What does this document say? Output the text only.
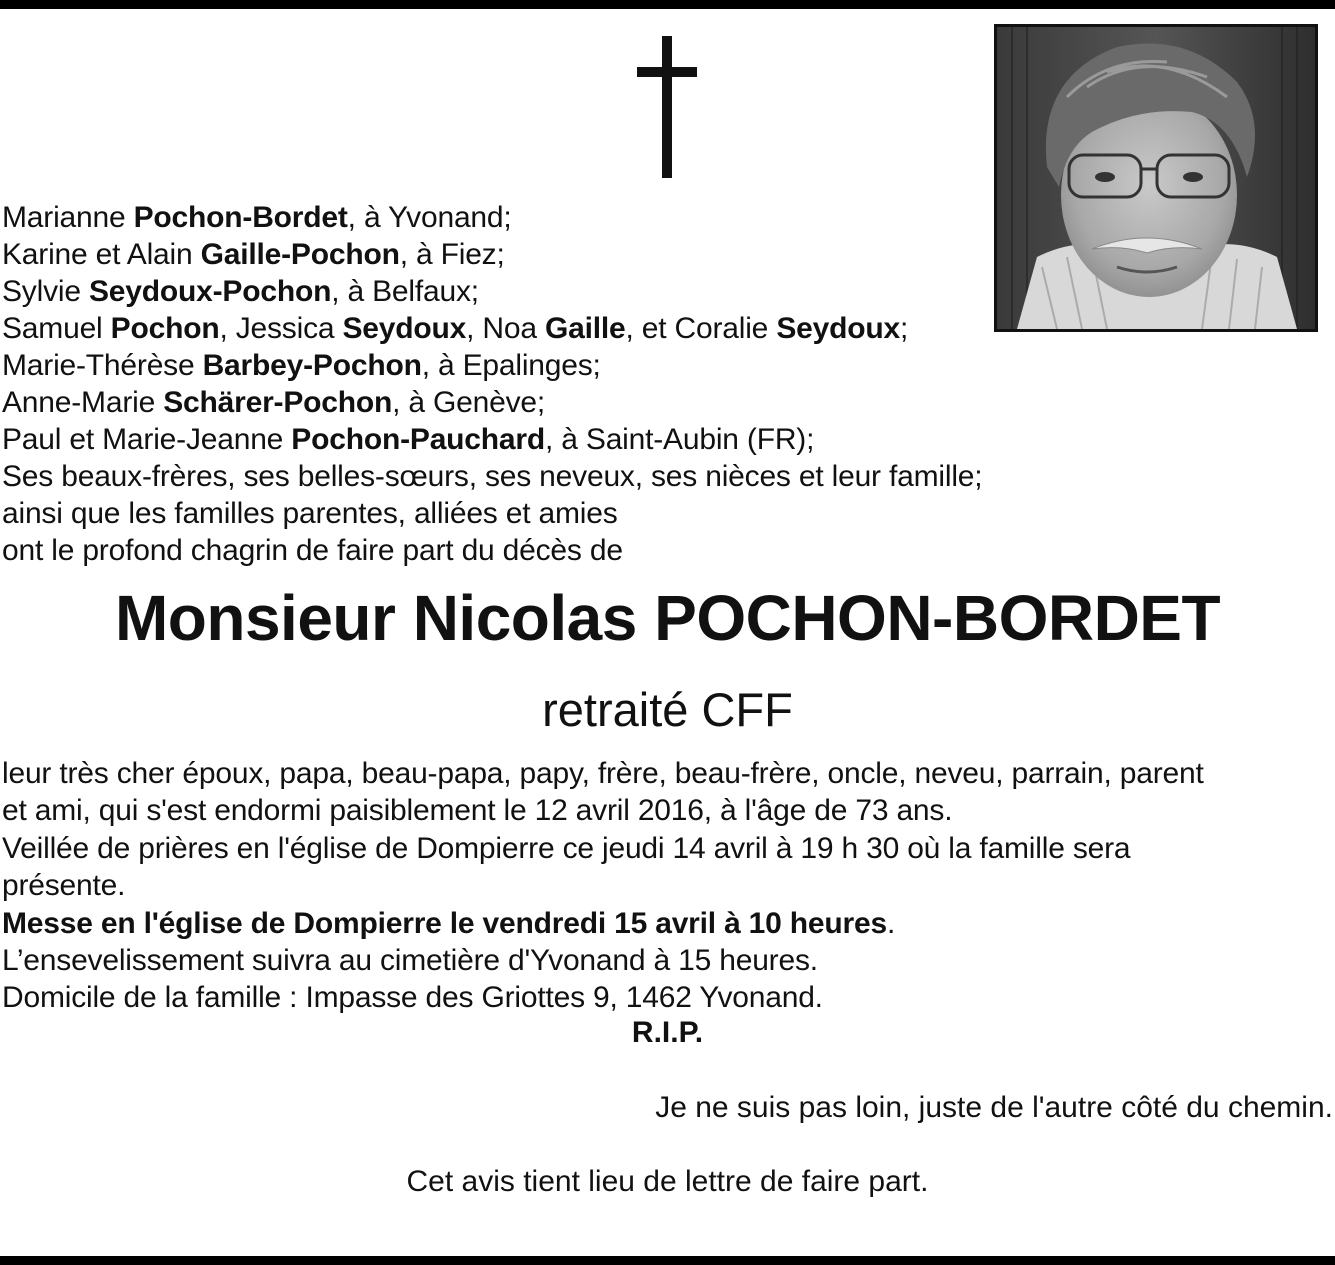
Marianne Pochon-Bordet, à Yvonand;

Karine et Alain Gaille-Pochon, à Fiez;

Sylvie Seydoux-Pochon, à Belfaux;

Samuel Pochon, Jessica Seydoux, Noa Gaille, et Coralie Seydoux;

Marie-Thérèse Barbey-Pochon, à Epalinges;

Anne-Marie Schärer-Pochon, à Genève;

Paul et Marie-Jeanne Pochon-Pauchard, à Saint-Aubin (FR);

Ses beaux-frères, ses belles-sœurs, ses neveux, ses nièces et leur famille;

ainsi que les familles parentes, alliées et amies

ont le profond chagrin de faire part du décès de

Monsieur Nicolas POCHON-BORDET
retraité CFF

leur très cher époux, papa, beau-papa, papy, frère, beau-frère, oncle, neveu, parrain, parent

et ami, qui s'est endormi paisiblement le 12 avril 2016, à l'âge de 73 ans.

Veillée de prières en l'église de Dompierre ce jeudi 14 avril à 19 h 30 où la famille sera

présente.

Messe en l'église de Dompierre le vendredi 15 avril à 10 heures.

L’ensevelissement suivra au cimetière d'Yvonand à 15 heures.

Domicile de la famille : Impasse des Griottes 9, 1462 Yvonand.

R.I.P.
Je ne suis pas loin, juste de l'autre côté du chemin.
Cet avis tient lieu de lettre de faire part.
